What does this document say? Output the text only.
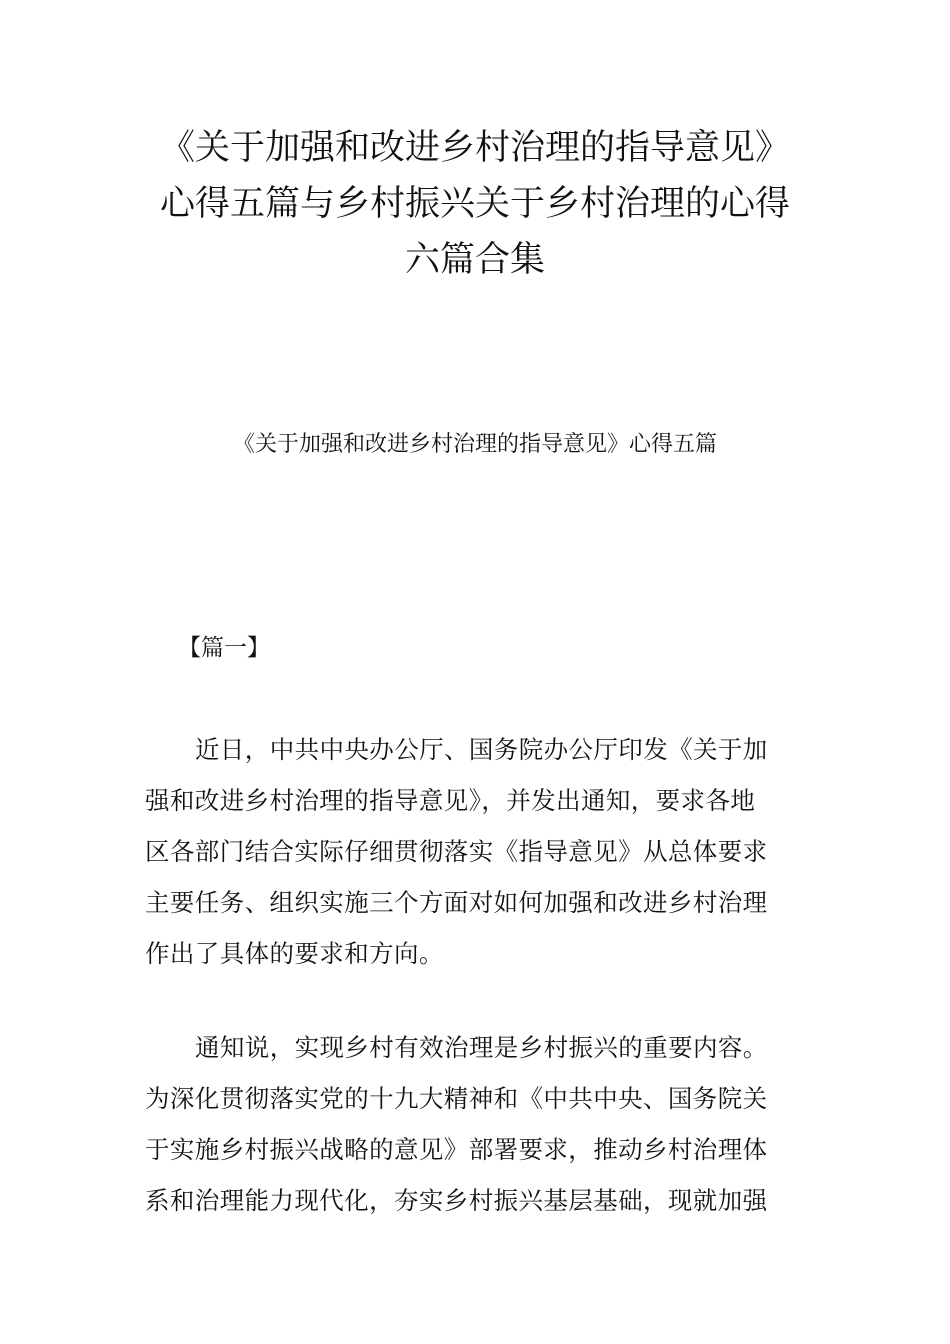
《关于加强和改进乡村治理的指导意见》
心得五篇与乡村振兴关于乡村治理的心得
六篇合集

《关于加强和改进乡村治理的指导意见》心得五篇

【篇一】

近日，中共中央办公厅、国务院办公厅印发《关于加
强和改进乡村治理的指导意见》，并发出通知，要求各地
区各部门结合实际仔细贯彻落实《指导意见》从总体要求
主要任务、组织实施三个方面对如何加强和改进乡村治理
作出了具体的要求和方向。
通知说，实现乡村有效治理是乡村振兴的重要内容。
为深化贯彻落实党的十九大精神和《中共中央、国务院关
于实施乡村振兴战略的意见》部署要求，推动乡村治理体
系和治理能力现代化，夯实乡村振兴基层基础，现就加强
